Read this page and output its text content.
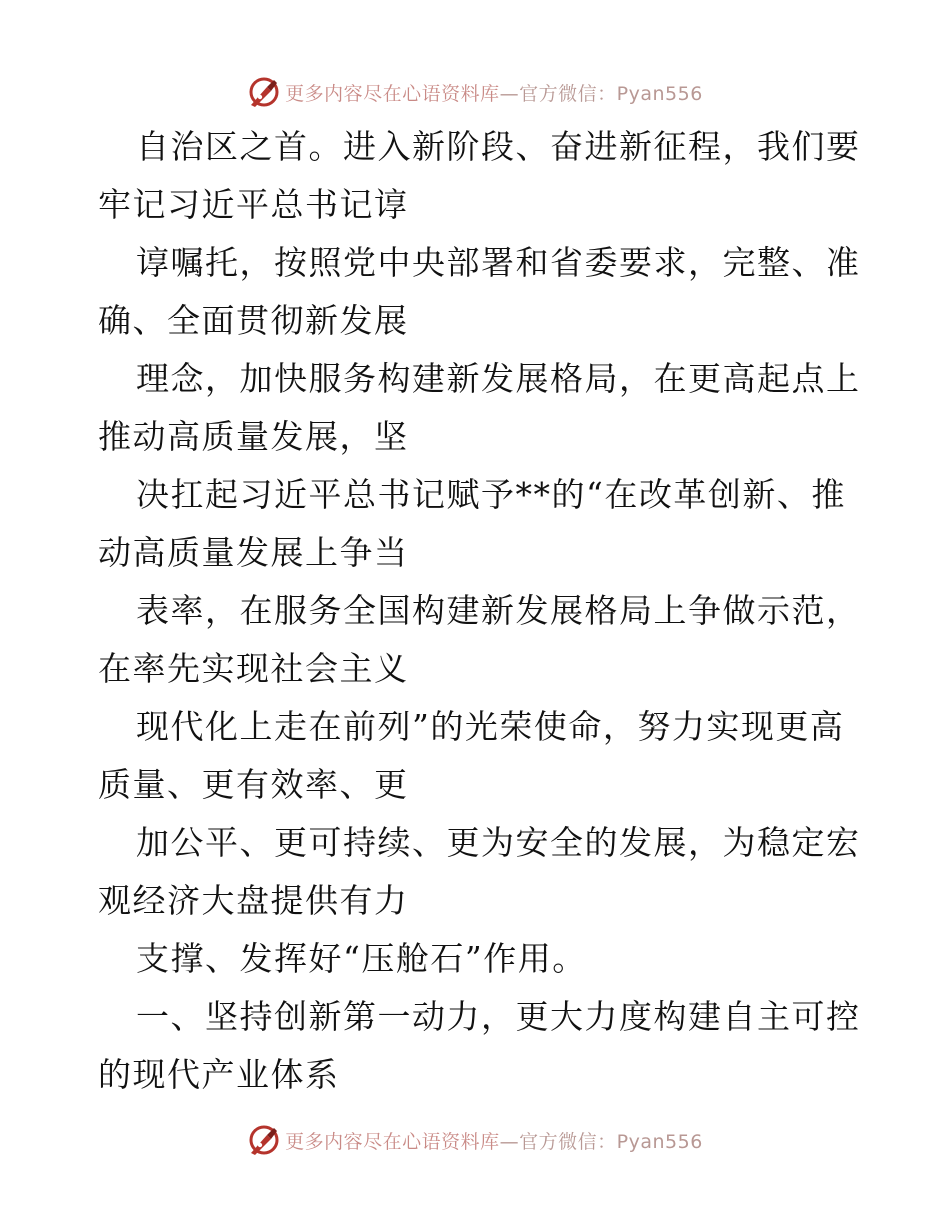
更多内容尽在心语资料库—官方微信：Pyan556
自治区之首。进入新阶段、奋进新征程，我们要
牢记习近平总书记谆
谆嘱托，按照党中央部署和省委要求，完整、准
确、全面贯彻新发展
理念，加快服务构建新发展格局，在更高起点上
推动高质量发展，坚
决扛起习近平总书记赋予**的“在改革创新、推
动高质量发展上争当
表率，在服务全国构建新发展格局上争做示范，
在率先实现社会主义
现代化上走在前列”的光荣使命，努力实现更高
质量、更有效率、更
加公平、更可持续、更为安全的发展，为稳定宏
观经济大盘提供有力
支撑、发挥好“压舱石”作用。
一、坚持创新第一动力，更大力度构建自主可控
的现代产业体系
更多内容尽在心语资料库—官方微信：Pyan556
